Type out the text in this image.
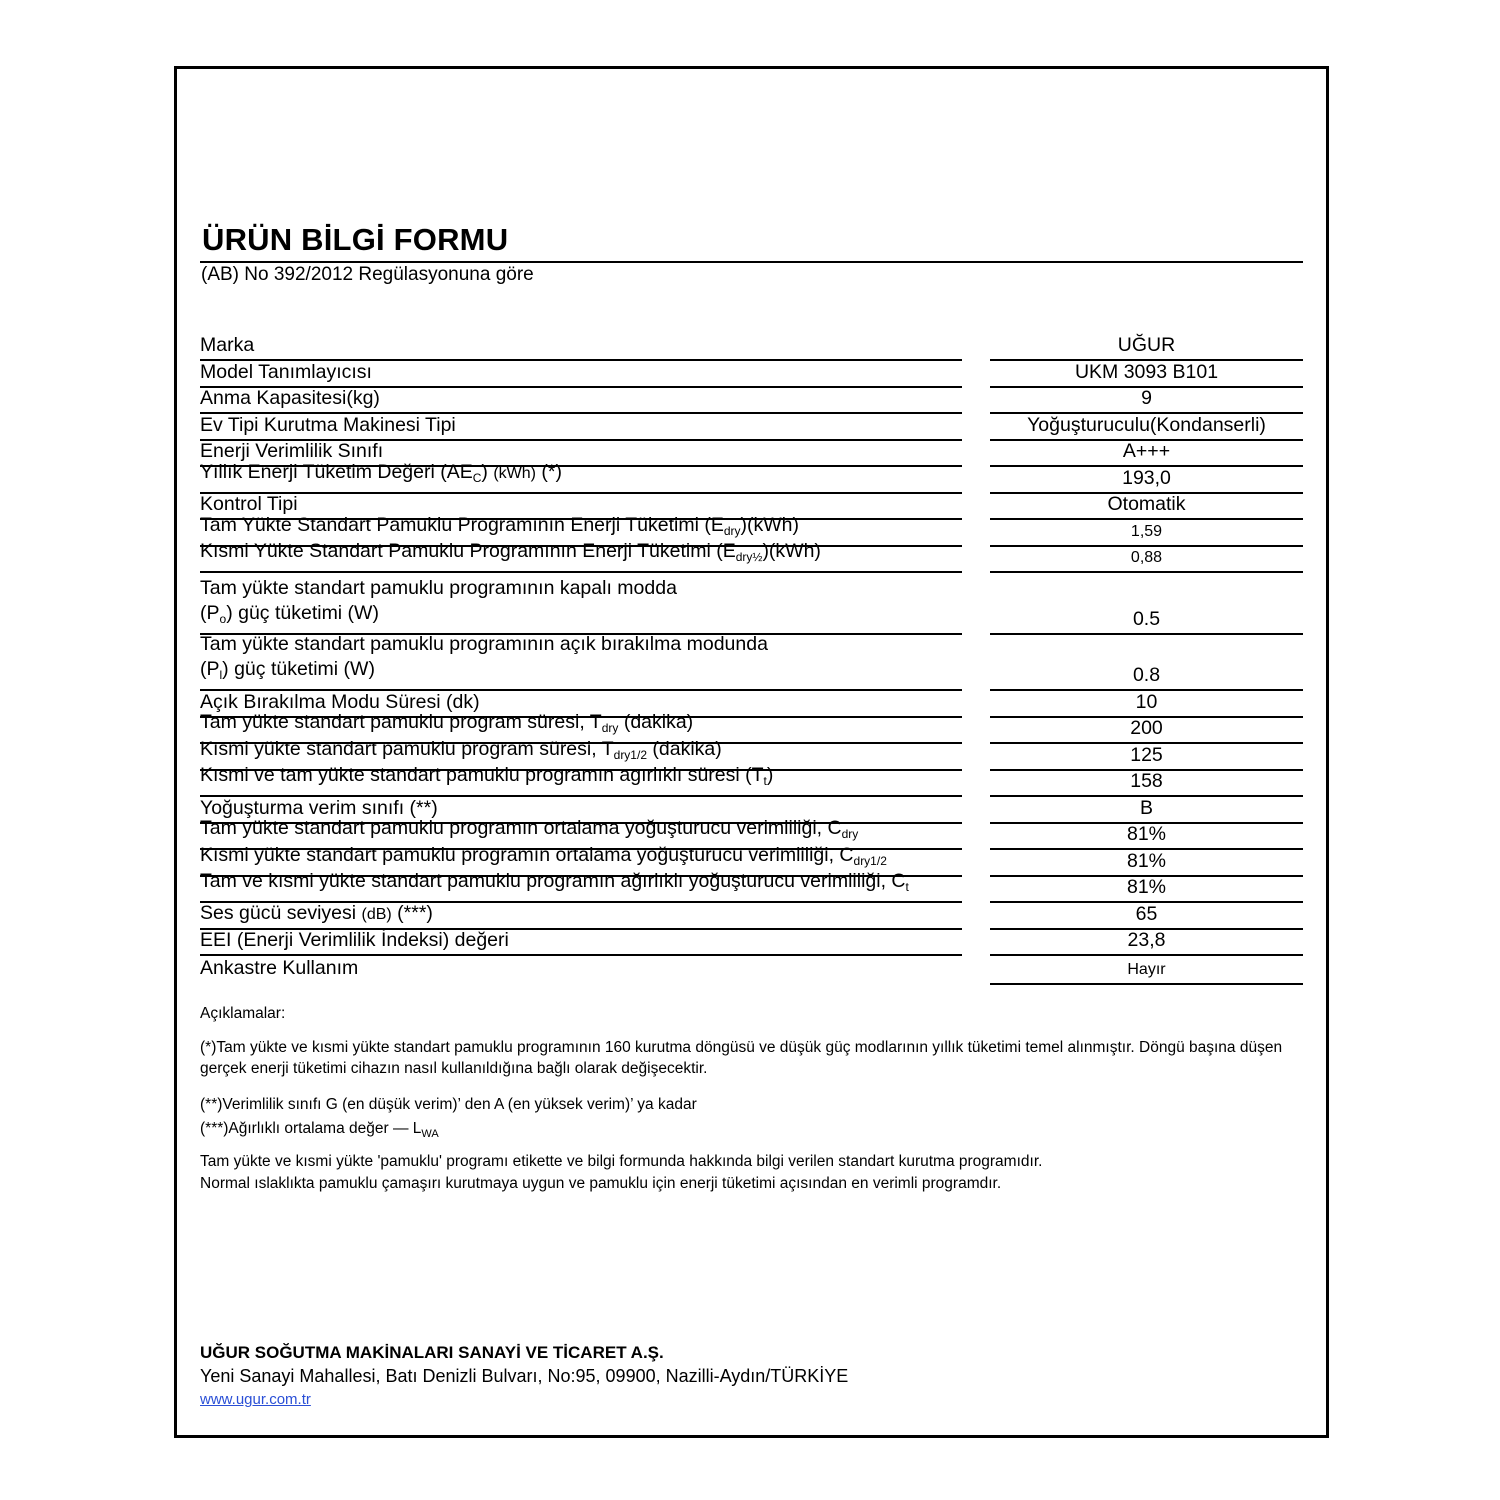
ÜRÜN BİLGİ FORMU
(AB) No 392/2012 Regülasyonuna göre
Marka	UĞUR
Model Tanımlayıcısı	UKM 3093 B101
Anma Kapasitesi(kg)	9
Ev Tipi Kurutma Makinesi Tipi	Yoğuşturuculu(Kondanserli)
Enerji Verimlilik Sınıfı	A+++
Yıllık Enerji Tüketim Değeri $(AE_C)$ (kWh) (*)	193,0
Kontrol Tipi	Otomatik
Tam Yükte Standart Pamuklu Programının Enerji Tüketimi $(E_{dry})(kWh)$	1,59
Kısmi Yükte Standart Pamuklu Programının Enerji Tüketimi $(E_{dry\frac{1}{2}})(kWh)$	0,88
Tam yükte standart pamuklu programının kapalı modda
$(P_o)$ güç tüketimi (W)	0.5
Tam yükte standart pamuklu programının açık bırakılma modunda
$(P_l)$ güç tüketimi (W)	0.8
Açık Bırakılma Modu Süresi (dk)	10
Tam yükte standart pamuklu program süresi, $T_{dry}$ (dakika)	200
Kısmi yükte standart pamuklu program süresi, $T_{dry1/2}$ (dakika)	125
Kısmi ve tam yükte standart pamuklu programın agırlıklı süresi $(T_t)$	158
Yoğuşturma verim sınıfı (**)	B
Tam yükte standart pamuklu programın ortalama yoğuşturucu verimliliği, $C_{dry}$	81%
Kısmi yükte standart pamuklu programın ortalama yoğuşturucu verimliliği, $C_{dry1/2}$	81%
Tam ve kısmi yükte standart pamuklu programın ağırlıklı yoğuşturucu verimliliği, $C_t$	81%
Ses gücü seviyesi (dB) (***)	65
EEI (Enerji Verimlilik İndeksi) değeri	23,8
Ankastre Kullanım	Hayır

Açıklamalar:

(*)Tam yükte ve kısmi yükte standart pamuklu programının 160 kurutma döngüsü ve düşük güç modlarının yıllık tüketimi temel alınmıştır. Döngü başına düşen gerçek enerji tüketimi cihazın nasıl kullanıldığına bağlı olarak değişecektir.

(**)Verimlilik sınıfı G (en düşük verim)’ den A (en yüksek verim)’ ya kadar

(***)Ağırlıklı ortalama değer — $L_{WA}$

Tam yükte ve kısmi yükte 'pamuklu' programı etikette ve bilgi formunda hakkında bilgi verilen standart kurutma programıdır.

Normal ıslaklıkta pamuklu çamaşırı kurutmaya uygun ve pamuklu için enerji tüketimi açısından en verimli programdır.

UĞUR SOĞUTMA MAKİNALARI SANAYİ VE TİCARET A.Ş.
Yeni Sanayi Mahallesi, Batı Denizli Bulvarı, No:95, 09900, Nazilli-Aydın/TÜRKİYE
www.ugur.com.tr
